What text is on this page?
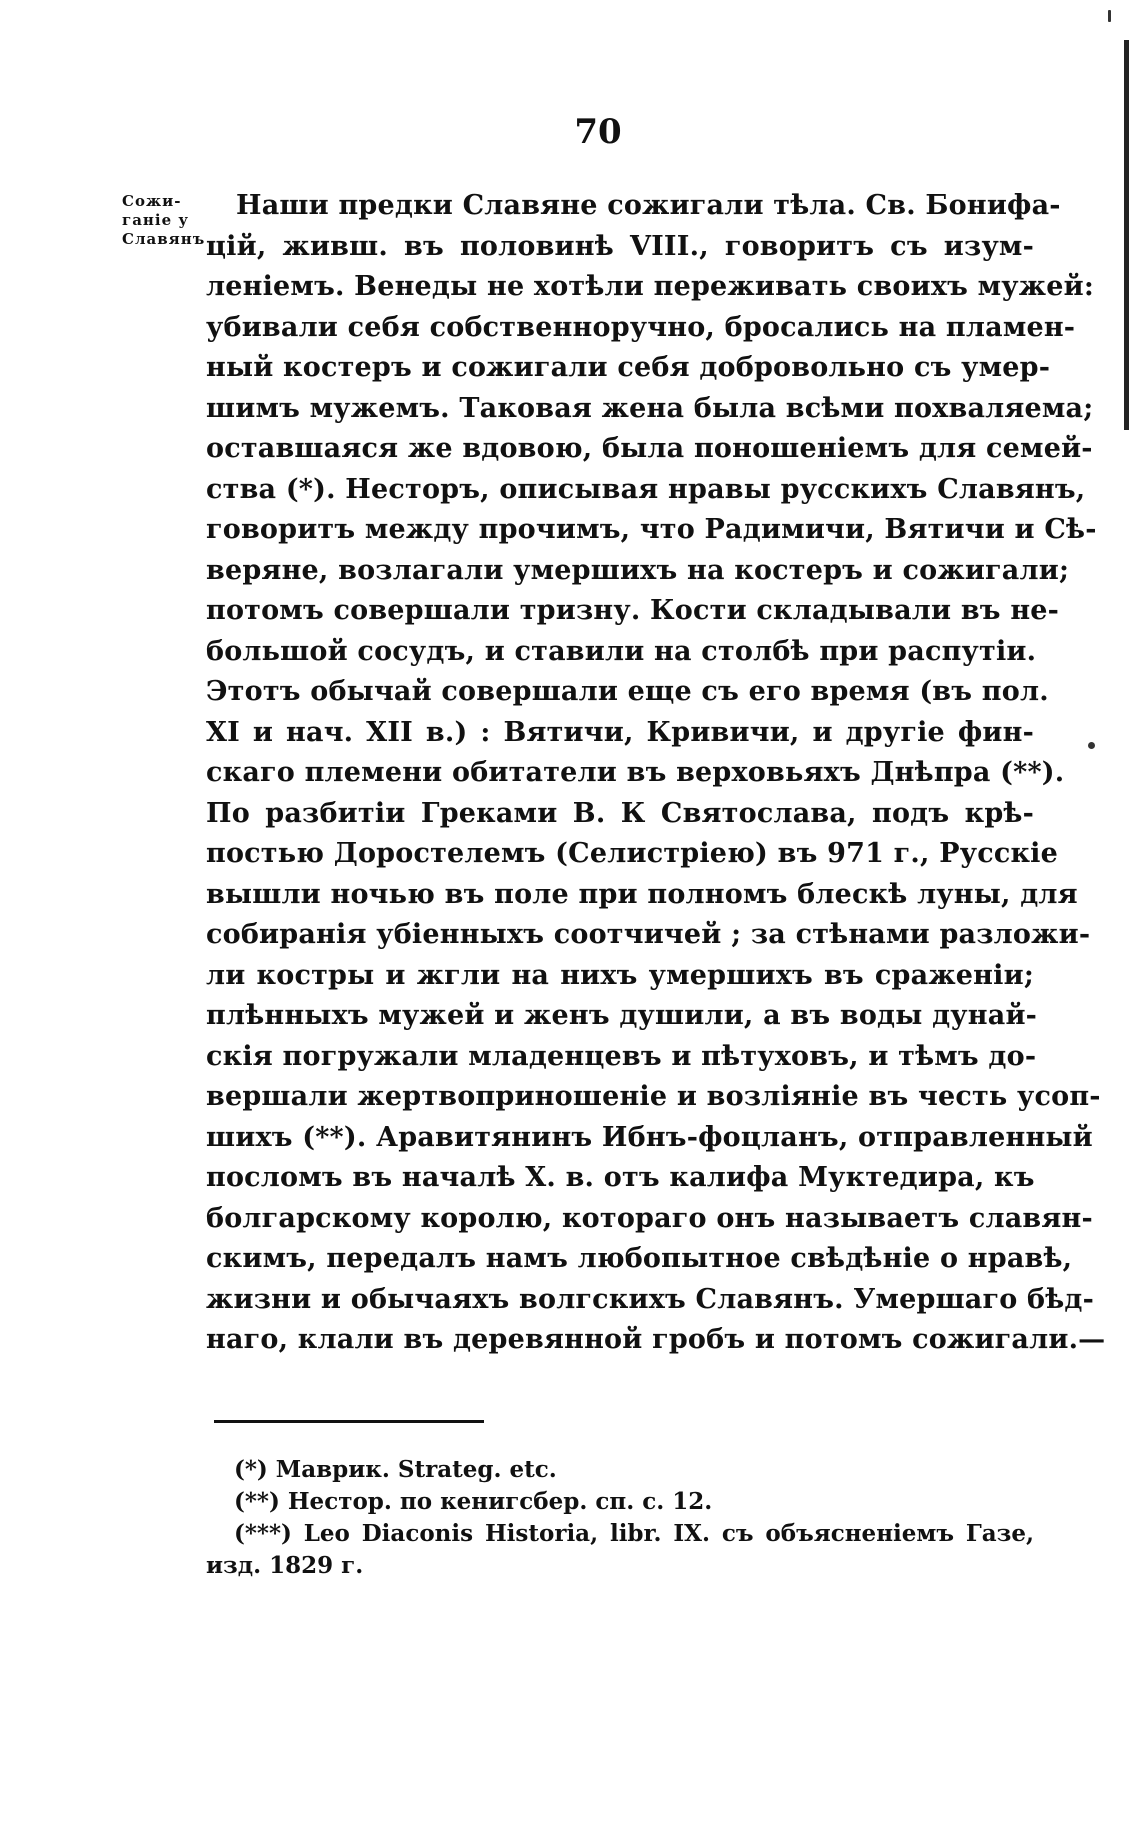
70
Сожи-
ганіе у
Славянъ
Наши предки Славяне сожигали тѣла. Св. Бонифа-
цій, живш. въ половинѣ VIII., говоритъ съ изум-
леніемъ. Венеды не хотѣли переживать своихъ мужей:
убивали себя собственноручно, бросались на пламен-
ный костеръ и сожигали себя добровольно съ умер-
шимъ мужемъ. Таковая жена была всѣми похваляема;
оставшаяся же вдовою, была поношеніемъ для семей-
ства (*). Несторъ, описывая нравы русскихъ Славянъ,
говоритъ между прочимъ, что Радимичи, Вятичи и Сѣ-
веряне, возлагали умершихъ на костеръ и сожигали;
потомъ совершали тризну. Кости складывали въ не-
большой сосудъ, и ставили на столбѣ при распутіи.
Этотъ обычай совершали еще съ его время (въ пол.
XI и нач. XII в.) : Вятичи, Кривичи, и другіе фин-
скаго племени обитатели въ верховьяхъ Днѣпра (**).
По разбитіи Греками В. К Святослава, подъ крѣ-
постью Доростелемъ (Селистріею) въ 971 г., Русскіе
вышли ночью въ поле при полномъ блескѣ луны, для
собиранія убіенныхъ соотчичей ; за стѣнами разложи-
ли костры и жгли на нихъ умершихъ въ сраженіи;
плѣнныхъ мужей и женъ душили, а въ воды дунай-
скія погружали младенцевъ и пѣтуховъ, и тѣмъ до-
вершали жертвоприношеніе и возліяніе въ честь усоп-
шихъ (**). Аравитянинъ Ибнъ-фоцланъ, отправленный
посломъ въ началѣ X. в. отъ калифа Муктедира, къ
болгарскому королю, котораго онъ называетъ славян-
скимъ, передалъ намъ любопытное свѣдѣніе о нравѣ,
жизни и обычаяхъ волгскихъ Славянъ. Умершаго бѣд-
наго, клали въ деревянной гробъ и потомъ сожигали.—
(*) Маврик. Strateg. etc.
(**) Нестор. по кенигсбер. сп. с. 12.
(***) Leo Diaconis Historia, libr. IX. съ объясненіемъ Газе,
изд. 1829 г.
